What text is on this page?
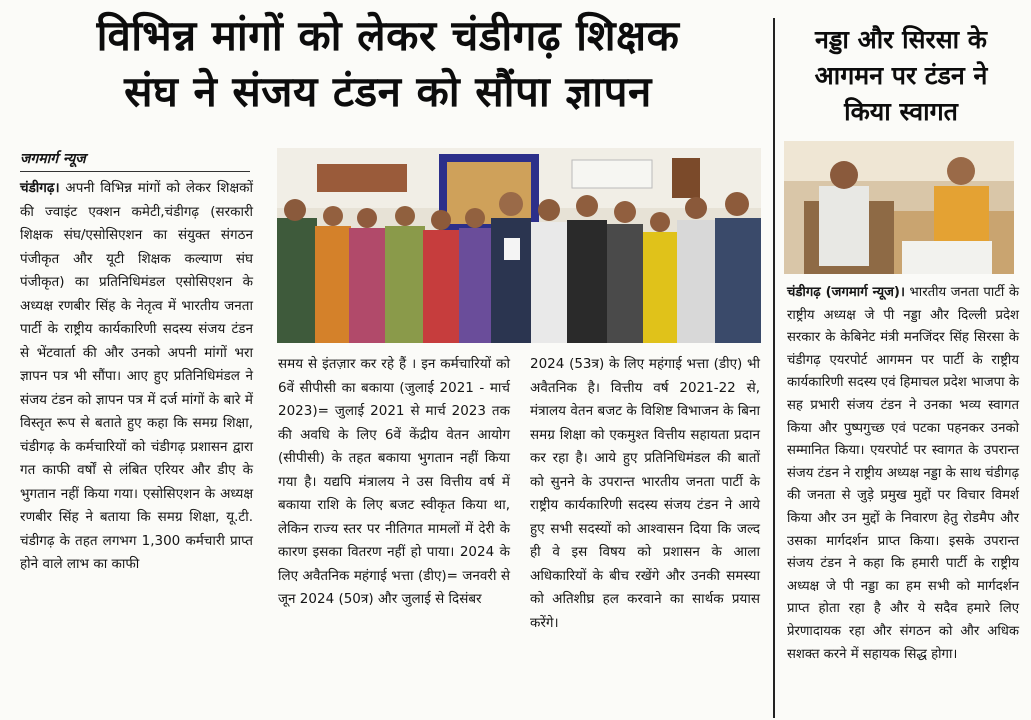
विभिन्न मांगों को लेकर चंडीगढ़ शिक्षक
संघ ने संजय टंडन को सौंपा ज्ञापन
जगमार्ग न्यूज
चंडीगढ़। अपनी विभिन्न मांगों को लेकर शिक्षकों की ज्वाइंट एक्शन कमेटी,चंडीगढ़ (सरकारी शिक्षक संघ/एसोसिएशन का संयुक्त संगठन पंजीकृत और यूटी शिक्षक कल्याण संघ पंजीकृत) का प्रतिनिधिमंडल एसोसिएशन के अध्यक्ष रणबीर सिंह के नेतृत्व में भारतीय जनता पार्टी के राष्ट्रीय कार्यकारिणी सदस्य संजय टंडन से भेंटवार्ता की और उनको अपनी मांगों भरा ज्ञापन पत्र भी सौंपा। आए हुए प्रतिनिधिमंडल ने संजय टंडन को ज्ञापन पत्र में दर्ज मांगों के बारे में विस्तृत रूप से बताते हुए कहा कि समग्र शिक्षा, चंडीगढ़ के कर्मचारियों को चंडीगढ़ प्रशासन द्वारा गत काफी वर्षों से लंबित एरियर और डीए के भुगतान नहीं किया गया। एसोसिएशन के अध्यक्ष रणबीर सिंह ने बताया कि समग्र शिक्षा, यू.टी. चंडीगढ़ के तहत लगभग 1,300 कर्मचारी प्राप्त होने वाले लाभ का काफी
समय से इंतज़ार कर रहे हैं । इन कर्मचारियों को 6वें सीपीसी का बकाया (जुलाई 2021 - मार्च 2023)= जुलाई 2021 से मार्च 2023 तक की अवधि के लिए 6वें केंद्रीय वेतन आयोग (सीपीसी) के तहत बकाया भुगतान नहीं किया गया है। यद्यपि मंत्रालय ने उस वित्तीय वर्ष में बकाया राशि के लिए बजट स्वीकृत किया था, लेकिन राज्य स्तर पर नीतिगत मामलों में देरी के कारण इसका वितरण नहीं हो पाया। 2024 के लिए अवैतनिक महंगाई भत्ता (डीए)= जनवरी से जून 2024 (50त्र) और जुलाई से दिसंबर
2024 (53त्र) के लिए महंगाई भत्ता (डीए) भी अवैतनिक है। वित्तीय वर्ष 2021-22 से, मंत्रालय वेतन बजट के विशिष्ट विभाजन के बिना समग्र शिक्षा को एकमुश्त वित्तीय सहायता प्रदान कर रहा है। आये हुए प्रतिनिधिमंडल की बातों को सुनने के उपरान्त भारतीय जनता पार्टी के राष्ट्रीय कार्यकारिणी सदस्य संजय टंडन ने आये हुए सभी सदस्यों को आश्वासन दिया कि जल्द ही वे इस विषय को प्रशासन के आला अधिकारियों के बीच रखेंगे और उनकी समस्या को अतिशीघ्र हल करवाने का सार्थक प्रयास करेंगे।
नड्डा और सिरसा के
आगमन पर टंडन ने
किया स्वागत
चंडीगढ़ (जगमार्ग न्यूज)। भारतीय जनता पार्टी के राष्ट्रीय अध्यक्ष जे पी नड्डा और दिल्ली प्रदेश सरकार के केबिनेट मंत्री मनजिंदर सिंह सिरसा के चंडीगढ़ एयरपोर्ट आगमन पर पार्टी के राष्ट्रीय कार्यकारिणी सदस्य एवं हिमाचल प्रदेश भाजपा के सह प्रभारी संजय टंडन ने उनका भव्य स्वागत किया और पुष्पगुच्छ एवं पटका पहनकर उनको सम्मानित किया। एयरपोर्ट पर स्वागत के उपरान्त संजय टंडन ने राष्ट्रीय अध्यक्ष नड्डा के साथ चंडीगढ़ की जनता से जुड़े प्रमुख मुद्दों पर विचार विमर्श किया और उन मुद्दों के निवारण हेतु रोडमैप और उसका मार्गदर्शन प्राप्त किया। इसके उपरान्त संजय टंडन ने कहा कि हमारी पार्टी के राष्ट्रीय अध्यक्ष जे पी नड्डा का हम सभी को मार्गदर्शन प्राप्त होता रहा है और ये सदैव हमारे लिए प्रेरणादायक रहा और संगठन को और अधिक सशक्त करने में सहायक सिद्ध होगा।
